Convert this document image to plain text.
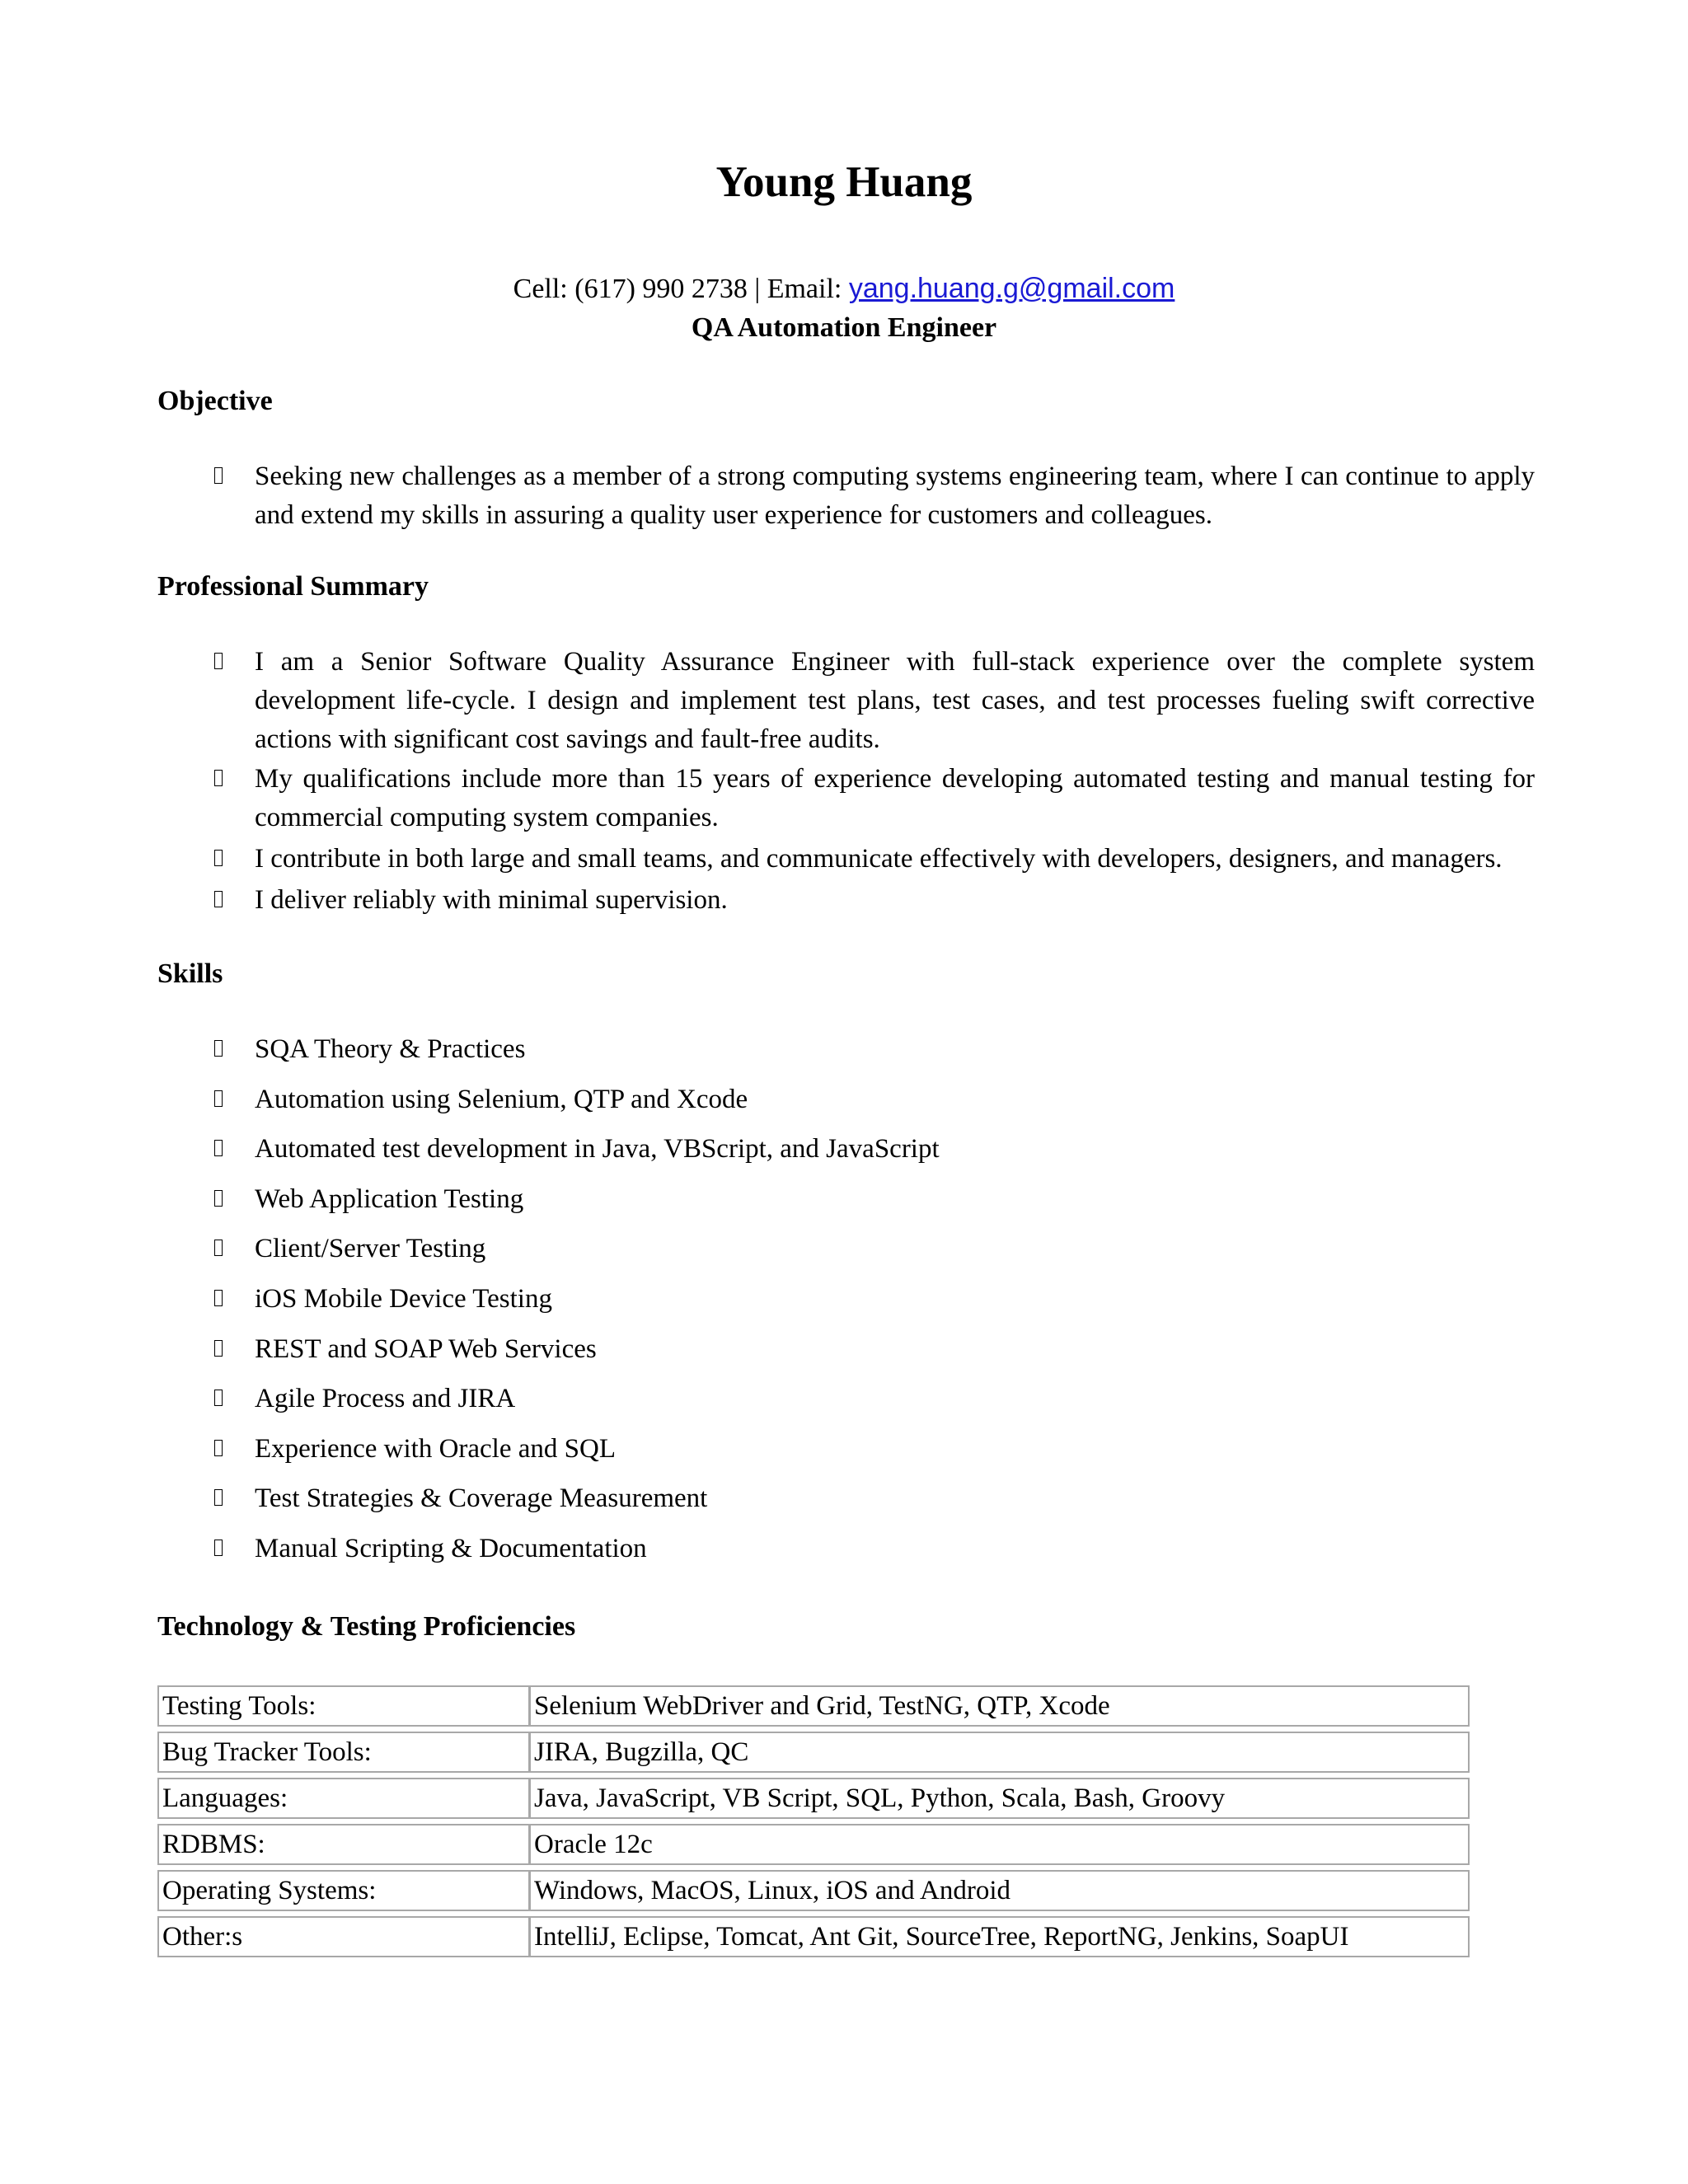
Young Huang
Cell: (617) 990 2738 | Email: yang.huang.g@gmail.com
QA Automation Engineer
Objective
Seeking new challenges as a member of a strong computing systems engineering team, where I can continue to apply and extend my skills in assuring a quality user experience for customers and colleagues.
Professional Summary
I am a Senior Software Quality Assurance Engineer with full-stack experience over the complete system development life-cycle. I design and implement test plans, test cases, and test processes fueling swift corrective actions with significant cost savings and fault-free audits.
My qualifications include more than 15 years of experience developing automated testing and manual testing for commercial computing system companies.
I contribute in both large and small teams, and communicate effectively with developers, designers, and managers.
I deliver reliably with minimal supervision.
Skills
SQA Theory & Practices
Automation using Selenium, QTP and Xcode
Automated test development in Java, VBScript, and JavaScript
Web Application Testing
Client/Server Testing
iOS Mobile Device Testing
REST and SOAP Web Services
Agile Process and JIRA
Experience with Oracle and SQL
Test Strategies & Coverage Measurement
Manual Scripting & Documentation
Technology & Testing Proficiencies
Testing Tools:	Selenium WebDriver and Grid, TestNG, QTP, Xcode
Bug Tracker Tools:	JIRA, Bugzilla, QC
Languages:	Java, JavaScript, VB Script, SQL, Python, Scala, Bash, Groovy
RDBMS:	Oracle 12c
Operating Systems:	Windows, MacOS, Linux, iOS and Android
Other:s	IntelliJ, Eclipse, Tomcat, Ant Git, SourceTree, ReportNG, Jenkins, SoapUI
